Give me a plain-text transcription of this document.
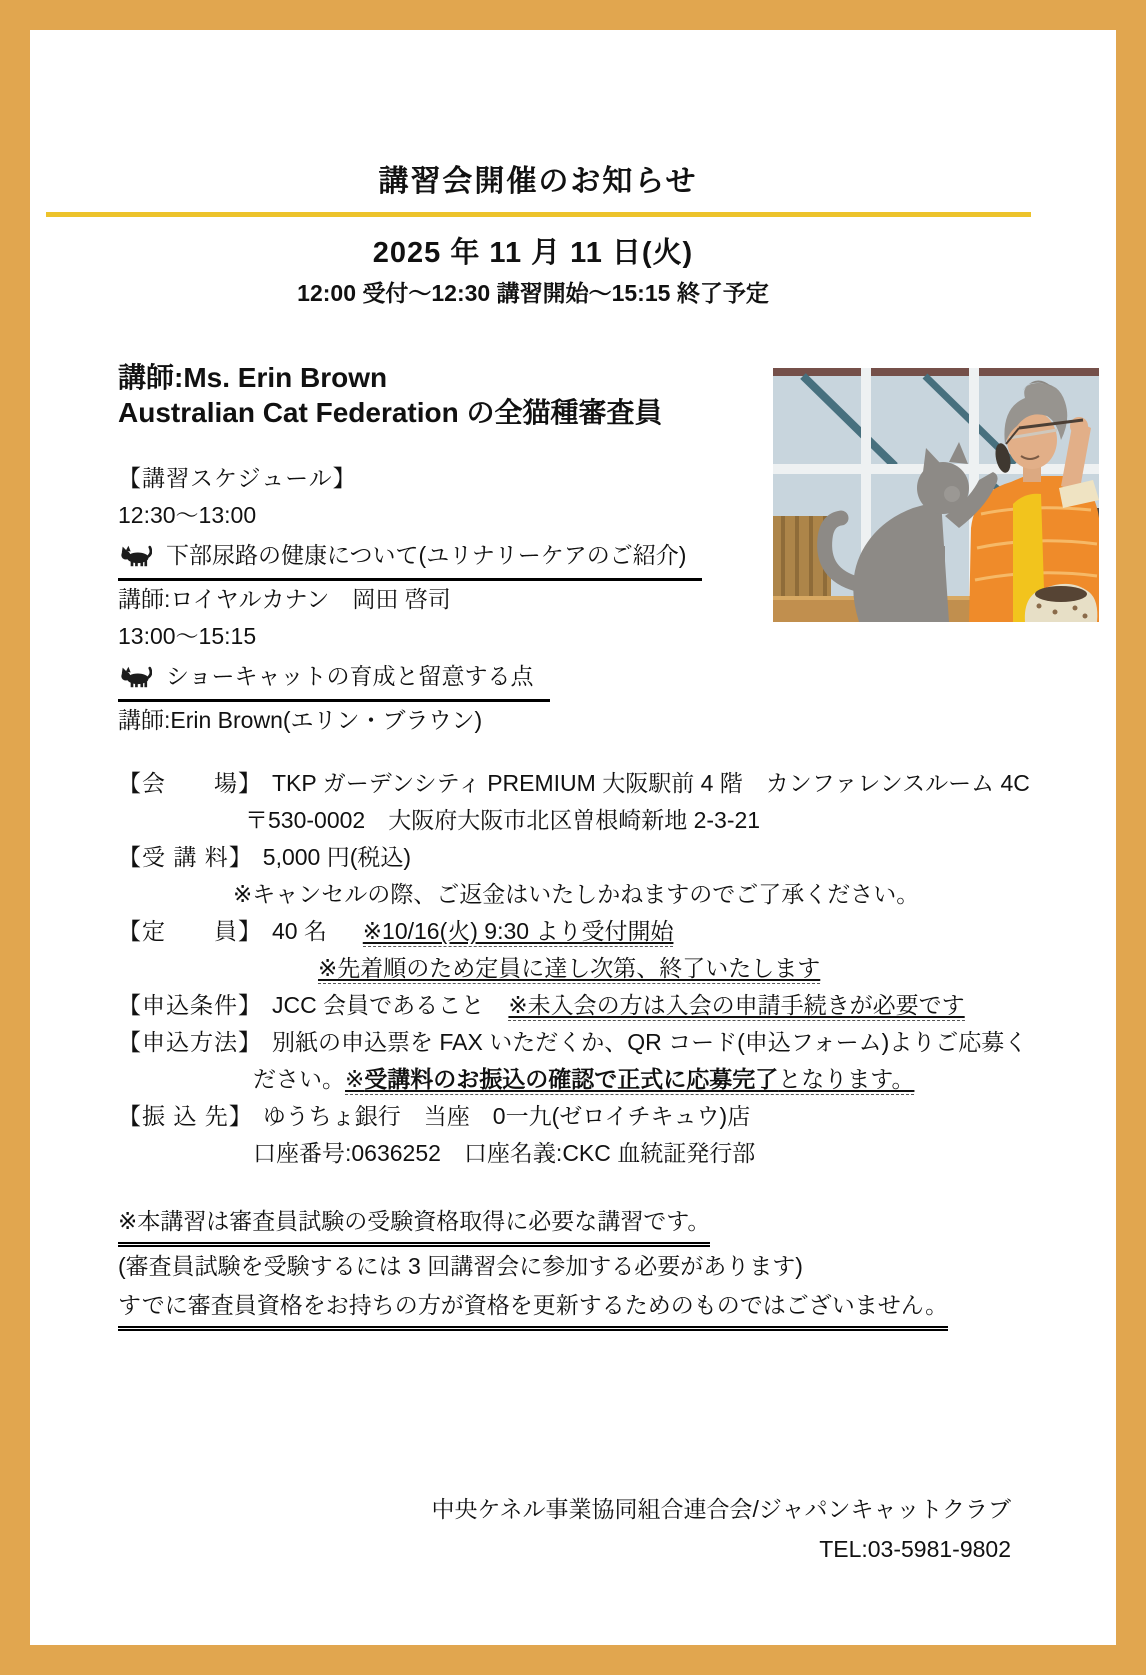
講習会開催のお知らせ
2025 年 11 月 11 日(火)
12:00 受付〜12:30 講習開始〜15:15 終了予定
講師:Ms. Erin Brown
Australian Cat Federation の全猫種審査員
【講習スケジュール】
12:30〜13:00
下部尿路の健康について(ユリナリーケアのご紹介)
講師:ロイヤルカナン　岡田 啓司
13:00〜15:15
ショーキャットの育成と留意する点
講師:Erin Brown(エリン・ブラウン)
【会　　場】 TKP ガーデンシティ PREMIUM 大阪駅前 4 階　カンファレンスルーム 4C
〒530-0002　大阪府大阪市北区曽根崎新地 2-3-21
【受 講 料】 5,000 円(税込)
※キャンセルの際、ご返金はいたしかねますのでご了承ください。
【定　　員】 40 名   ※10/16(火) 9:30 より受付開始
※先着順のため定員に達し次第、終了いたします
【申込条件】 JCC 会員であること   ※未入会の方は入会の申請手続きが必要です
【申込方法】 別紙の申込票を FAX いただくか、QR コード(申込フォーム)よりご応募く
ださい。※受講料のお振込の確認で正式に応募完了となります。
【振 込 先】 ゆうちょ銀行　当座　0一九(ゼロイチキュウ)店
口座番号:0636252　口座名義:CKC 血統証発行部
※本講習は審査員試験の受験資格取得に必要な講習です。
(審査員試験を受験するには 3 回講習会に参加する必要があります)
すでに審査員資格をお持ちの方が資格を更新するためのものではございません。
中央ケネル事業協同組合連合会/ジャパンキャットクラブ
TEL:03-5981-9802
